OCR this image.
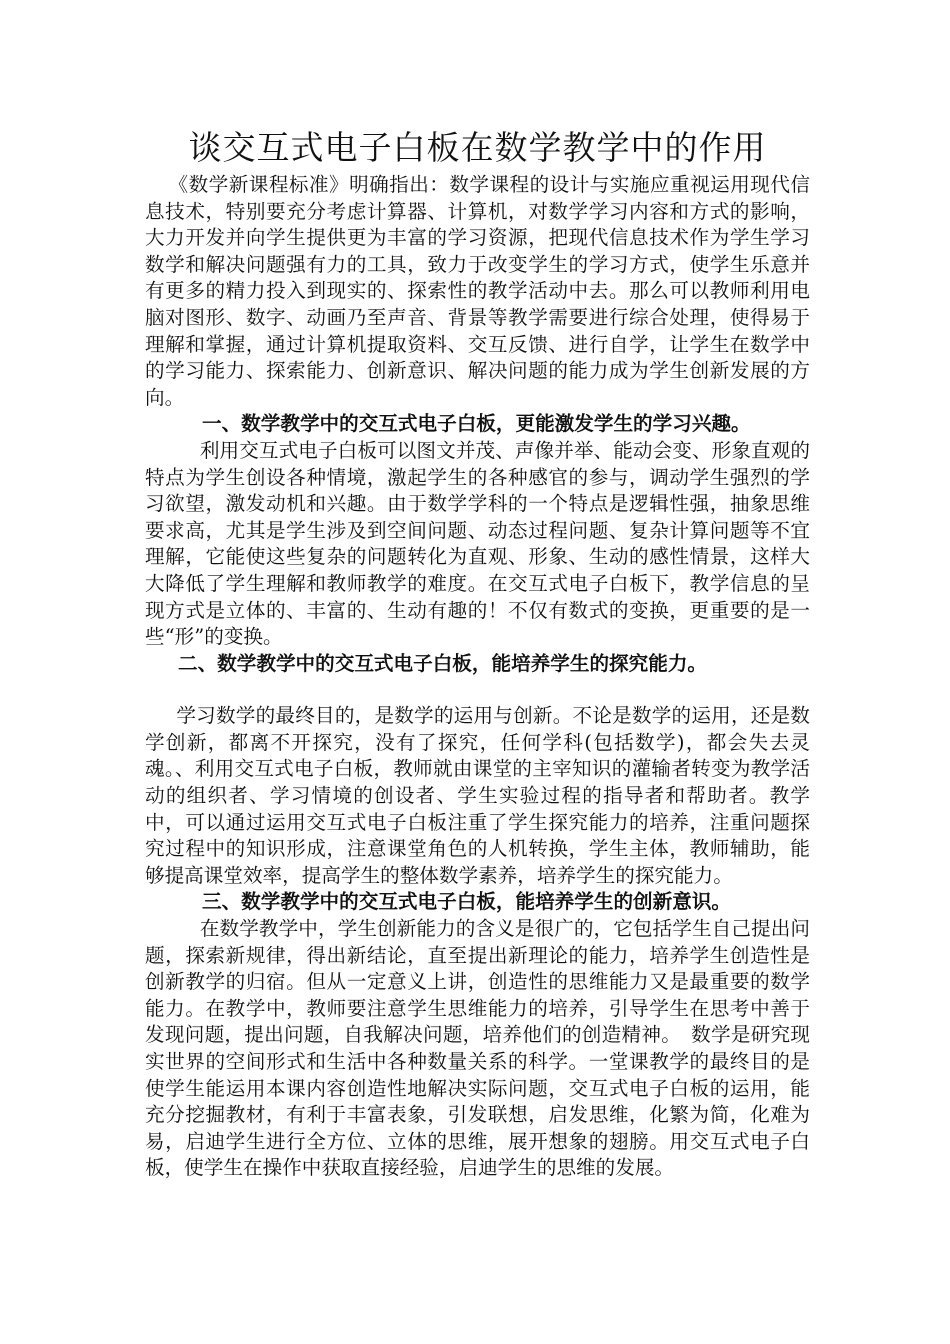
谈交互式电子白板在数学教学中的作用

《数学新课程标准》明确指出：数学课程的设计与实施应重视运用现代信息技术，特别要充分考虑计算器、计算机，对数学学习内容和方式的影响，大力开发并向学生提供更为丰富的学习资源，把现代信息技术作为学生学习数学和解决问题强有力的工具，致力于改变学生的学习方式，使学生乐意并有更多的精力投入到现实的、探索性的教学活动中去。那么可以教师利用电脑对图形、数字、动画乃至声音、背景等教学需要进行综合处理，使得易于理解和掌握，通过计算机提取资料、交互反馈、进行自学，让学生在数学中的学习能力、探索能力、创新意识、解决问题的能力成为学生创新发展的方向。

一、数学教学中的交互式电子白板，更能激发学生的学习兴趣。

利用交互式电子白板可以图文并茂、声像并举、能动会变、形象直观的特点为学生创设各种情境，激起学生的各种感官的参与，调动学生强烈的学习欲望，激发动机和兴趣。由于数学学科的一个特点是逻辑性强，抽象思维要求高，尤其是学生涉及到空间问题、动态过程问题、复杂计算问题等不宜理解，它能使这些复杂的问题转化为直观、形象、生动的感性情景，这样大大降低了学生理解和教师教学的难度。在交互式电子白板下，教学信息的呈现方式是立体的、丰富的、生动有趣的！不仅有数式的变换，更重要的是一些“形”的变换。

二、数学教学中的交互式电子白板，能培养学生的探究能力。

学习数学的最终目的，是数学的运用与创新。不论是数学的运用，还是数学创新，都离不开探究，没有了探究，任何学科(包括数学)，都会失去灵魂。、利用交互式电子白板，教师就由课堂的主宰知识的灌输者转变为教学活动的组织者、学习情境的创设者、学生实验过程的指导者和帮助者。教学中，可以通过运用交互式电子白板注重了学生探究能力的培养，注重问题探究过程中的知识形成，注意课堂角色的人机转换，学生主体，教师辅助，能够提高课堂效率，提高学生的整体数学素养，培养学生的探究能力。

三、数学教学中的交互式电子白板，能培养学生的创新意识。

在数学教学中，学生创新能力的含义是很广的，它包括学生自己提出问题，探索新规律，得出新结论，直至提出新理论的能力，培养学生创造性是创新教学的归宿。但从一定意义上讲，创造性的思维能力又是最重要的数学能力。在教学中，教师要注意学生思维能力的培养，引导学生在思考中善于发现问题，提出问题，自我解决问题，培养他们的创造精神。　数学是研究现实世界的空间形式和生活中各种数量关系的科学。一堂课教学的最终目的是使学生能运用本课内容创造性地解决实际问题，交互式电子白板的运用，能充分挖掘教材，有利于丰富表象，引发联想，启发思维，化繁为简，化难为易，启迪学生进行全方位、立体的思维，展开想象的翅膀。用交互式电子白板，使学生在操作中获取直接经验，启迪学生的思维的发展。
